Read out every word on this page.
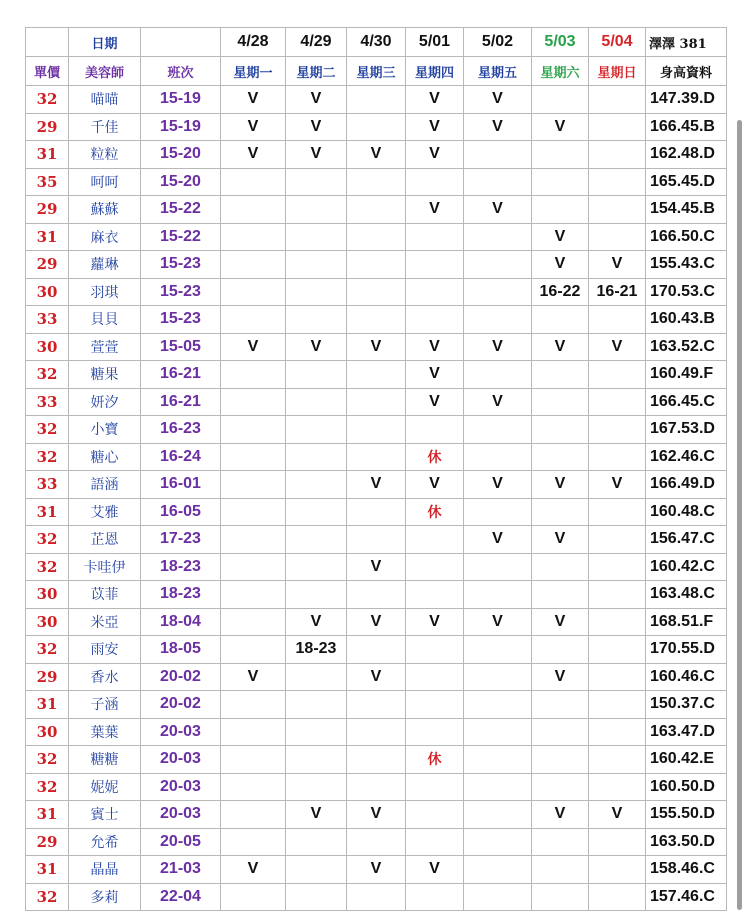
	日期		4/28	4/29	4/30	5/01	5/02	5/03	5/04	澤澤 381
單價	美容師	班次	星期一	星期二	星期三	星期四	星期五	星期六	星期日	身高資料
32	喵喵	15-19	V	V		V	V			147.39.D
29	千佳	15-19	V	V		V	V	V		166.45.B
31	粒粒	15-20	V	V	V	V				162.48.D
35	呵呵	15-20								165.45.D
29	蘇蘇	15-22				V	V			154.45.B
31	麻衣	15-22						V		166.50.C
29	蘿琳	15-23						V	V	155.43.C
30	羽琪	15-23						16-22	16-21	170.53.C
33	貝貝	15-23								160.43.B
30	萱萱	15-05	V	V	V	V	V	V	V	163.52.C
32	糖果	16-21				V				160.49.F
33	妍汐	16-21				V	V			166.45.C
32	小寶	16-23								167.53.D
32	糖心	16-24				休				162.46.C
33	語涵	16-01			V	V	V	V	V	166.49.D
31	艾雅	16-05				休				160.48.C
32	芷恩	17-23					V	V		156.47.C
32	卡哇伊	18-23			V					160.42.C
30	苡菲	18-23								163.48.C
30	米亞	18-04		V	V	V	V	V		168.51.F
32	雨安	18-05		18-23						170.55.D
29	香水	20-02	V		V			V		160.46.C
31	子涵	20-02								150.37.C
30	葉葉	20-03								163.47.D
32	糖糖	20-03				休				160.42.E
32	妮妮	20-03								160.50.D
31	賓士	20-03		V	V			V	V	155.50.D
29	允希	20-05								163.50.D
31	晶晶	21-03	V		V	V				158.46.C
32	多莉	22-04								157.46.C
